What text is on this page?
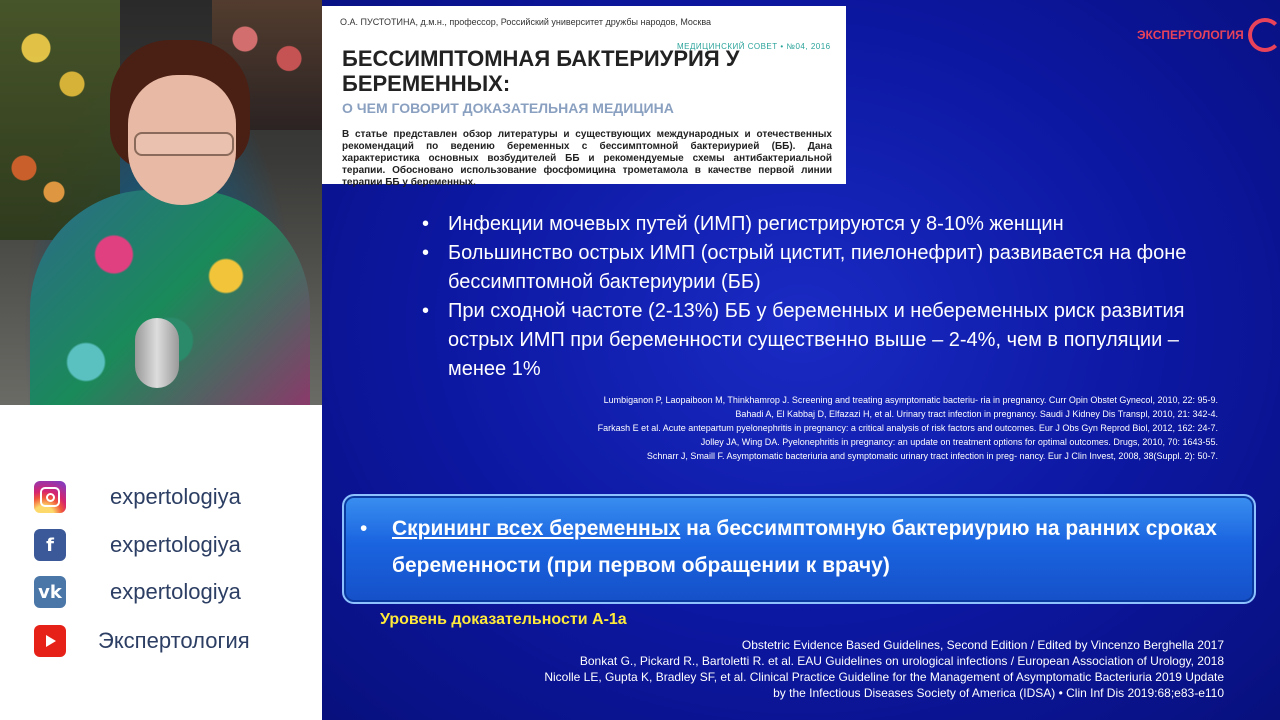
expertologiya
f	expertologiya
vk expertologiya
Экспертология
О.А. ПУСТОТИНА, д.м.н., профессор, Российский университет дружбы народов, Москва
МЕДИЦИНСКИЙ СОВЕТ • №04, 2016
БЕССИМПТОМНАЯ БАКТЕРИУРИЯ У БЕРЕМЕННЫХ:
О ЧЕМ ГОВОРИТ ДОКАЗАТЕЛЬНАЯ МЕДИЦИНА
В статье представлен обзор литературы и существующих международных и отечественных рекомендаций по ведению беременных с бессимптомной бактериурией (ББ). Дана характеристика основных возбудителей ББ и рекомендуемые схемы антибактериальной терапии. Обосновано использование фосфомицина трометамола в качестве первой линии терапии ББ у беременных.
ЭКСПЕРТОЛОГИЯ
• Инфекции мочевых путей (ИМП) регистрируются у 8-10% женщин
• Большинство острых ИМП (острый цистит, пиелонефрит) развивается на фоне бессимптомной бактериурии (ББ)
• При сходной частоте (2-13%) ББ у беременных и небеременных риск развития острых ИМП при беременности существенно выше – 2-4%, чем в популяции – менее 1%
Lumbiganon P, Laopaiboon M, Thinkhamrop J. Screening and treating asymptomatic bacteriu- ria in pregnancy. Curr Opin Obstet Gynecol, 2010, 22: 95-9.
Bahadi A, El Kabbaj D, Elfazazi H, et al. Urinary tract infection in pregnancy. Saudi J Kidney Dis Transpl, 2010, 21: 342-4.
Farkash E et al. Acute antepartum pyelonephritis in pregnancy: a critical analysis of risk factors and outcomes. Eur J Obs Gyn Reprod Biol, 2012, 162: 24-7.
Jolley JA, Wing DA. Pyelonephritis in pregnancy: an update on treatment options for optimal outcomes. Drugs, 2010, 70: 1643-55.
Schnarr J, Smaill F. Asymptomatic bacteriuria and symptomatic urinary tract infection in preg- nancy. Eur J Clin Invest, 2008, 38(Suppl. 2): 50-7.
• Скрининг всех беременных на бессимптомную бактериурию на ранних сроках беременности (при первом обращении к врачу)
Уровень доказательности А-1а
Obstetric Evidence Based Guidelines, Second Edition / Edited by Vincenzo Berghella 2017
Bonkat G., Pickard R., Bartoletti R. et al. EAU Guidelines on urological infections / European Association of Urology, 2018
Nicolle LE, Gupta K, Bradley SF, et al. Clinical Practice Guideline for the Management of Asymptomatic Bacteriuria 2019 Update
by the Infectious Diseases Society of America (IDSA) • Clin Inf Dis 2019:68;e83-e110
